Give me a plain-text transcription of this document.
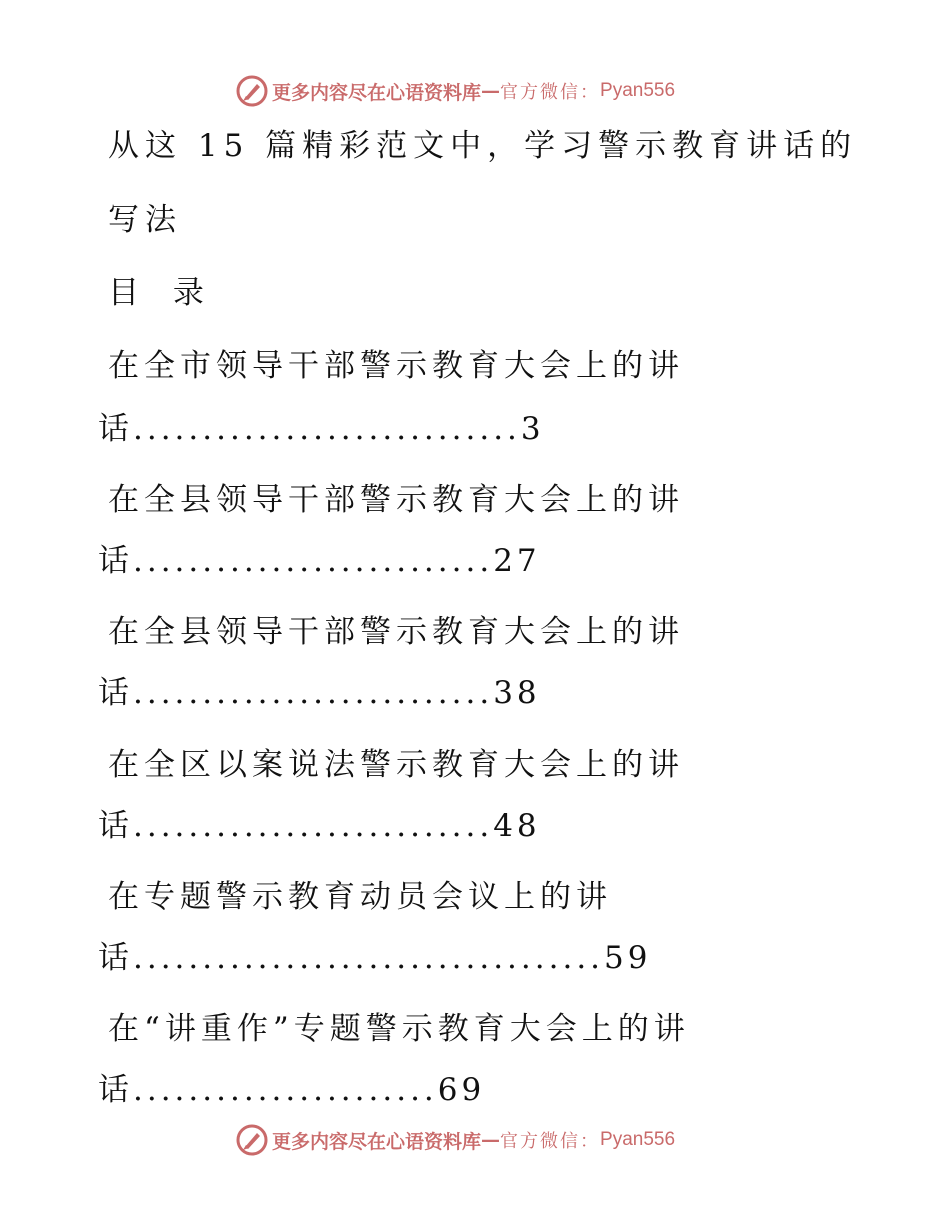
更多内容尽在心语资料库 — 官方微信： Pyan556
从这 15 篇精彩范文中，学习警示教育讲话的
写法
目 录
在全市领导干部警示教育大会上的讲
话............................3
在全县领导干部警示教育大会上的讲
话..........................27
在全县领导干部警示教育大会上的讲
话..........................38
在全区以案说法警示教育大会上的讲
话..........................48
在专题警示教育动员会议上的讲
话..................................59
在“讲重作”专题警示教育大会上的讲
话......................69
更多内容尽在心语资料库 — 官方微信： Pyan556
